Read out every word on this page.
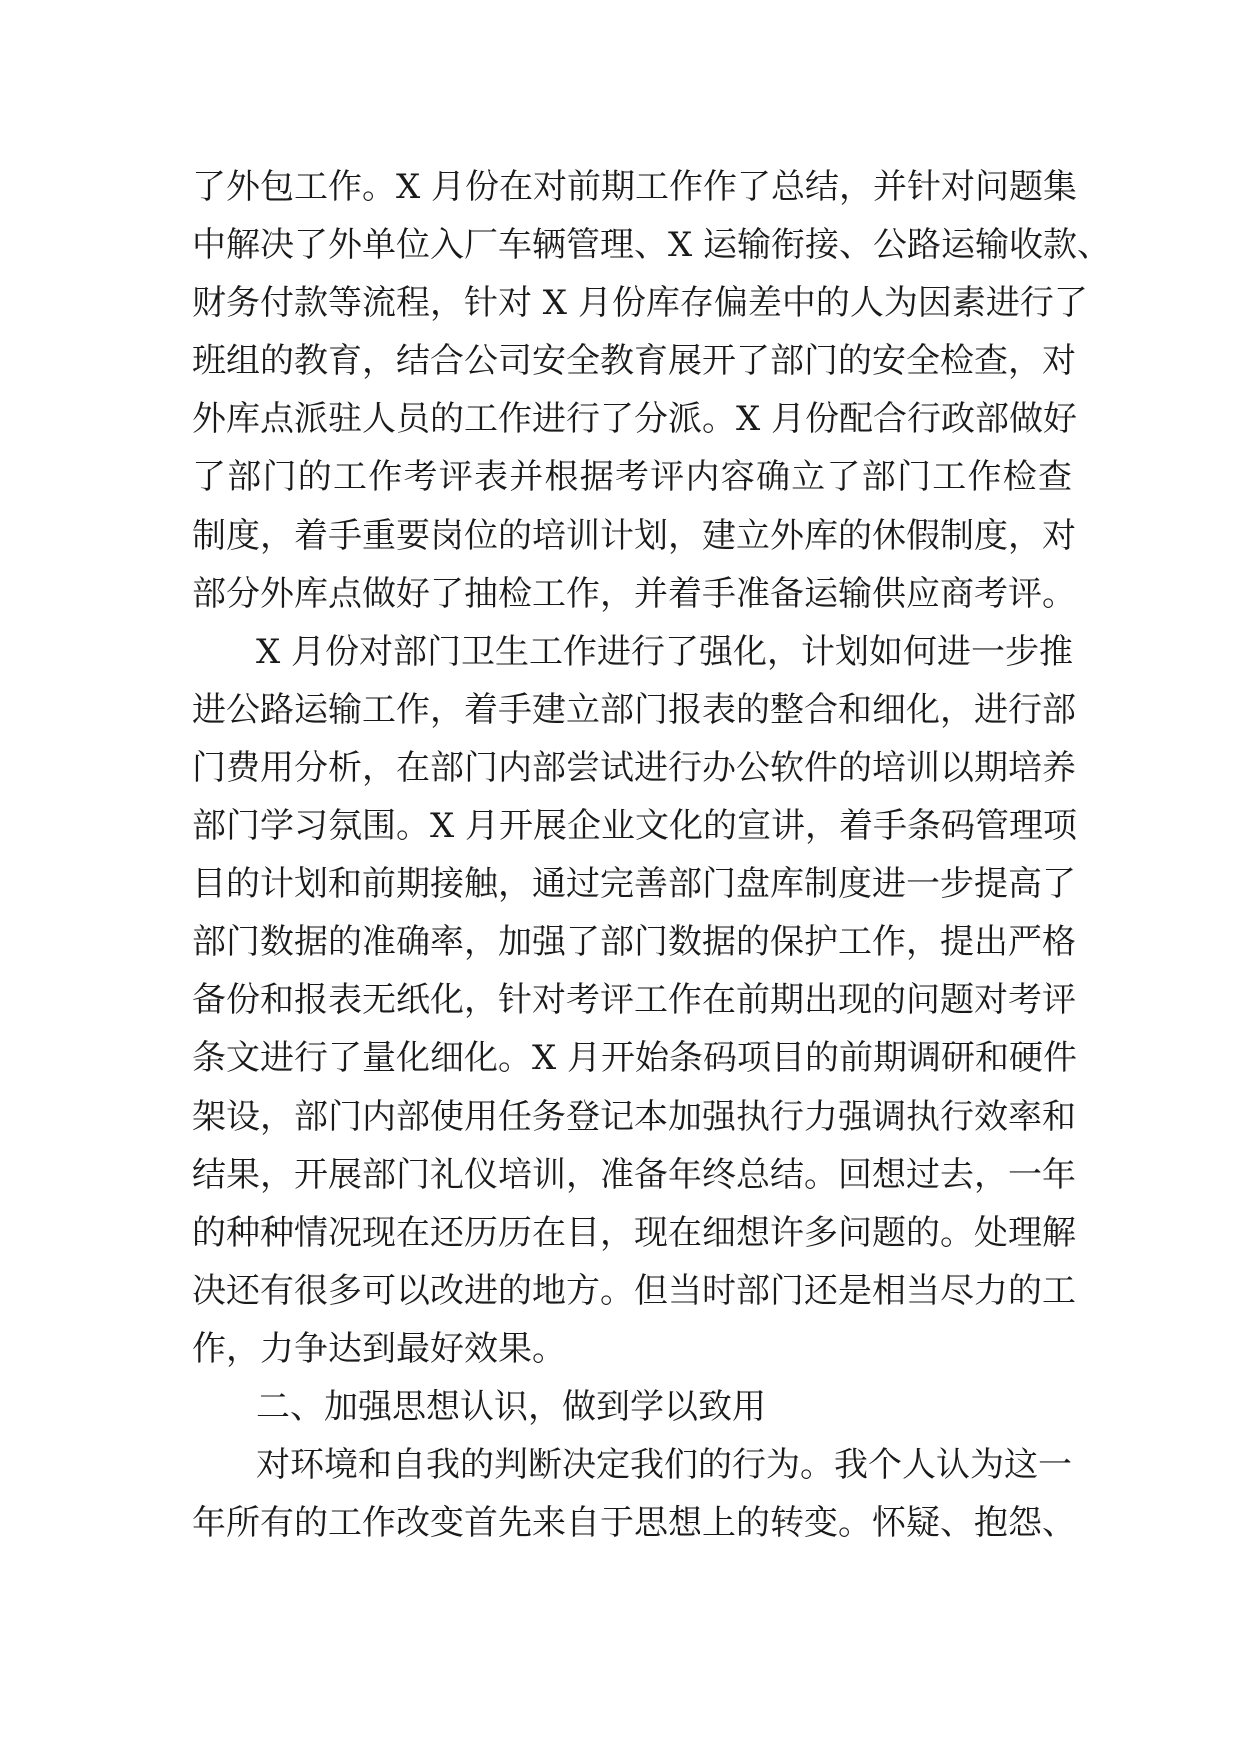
了外包工作。X 月份在对前期工作作了总结，并针对问题集
中解决了外单位入厂车辆管理、X 运输衔接、公路运输收款、
财务付款等流程，针对 X 月份库存偏差中的人为因素进行了
班组的教育，结合公司安全教育展开了部门的安全检查，对
外库点派驻人员的工作进行了分派。X 月份配合行政部做好
了部门的工作考评表并根据考评内容确立了部门工作检查
制度，着手重要岗位的培训计划，建立外库的休假制度，对
部分外库点做好了抽检工作，并着手准备运输供应商考评。
X 月份对部门卫生工作进行了强化，计划如何进一步推
进公路运输工作，着手建立部门报表的整合和细化，进行部
门费用分析，在部门内部尝试进行办公软件的培训以期培养
部门学习氛围。X 月开展企业文化的宣讲，着手条码管理项
目的计划和前期接触，通过完善部门盘库制度进一步提高了
部门数据的准确率，加强了部门数据的保护工作，提出严格
备份和报表无纸化，针对考评工作在前期出现的问题对考评
条文进行了量化细化。X 月开始条码项目的前期调研和硬件
架设，部门内部使用任务登记本加强执行力强调执行效率和
结果，开展部门礼仪培训，准备年终总结。回想过去，一年
的种种情况现在还历历在目，现在细想许多问题的。处理解
决还有很多可以改进的地方。但当时部门还是相当尽力的工
作，力争达到最好效果。
二、加强思想认识，做到学以致用
对环境和自我的判断决定我们的行为。我个人认为这一
年所有的工作改变首先来自于思想上的转变。怀疑、抱怨、
